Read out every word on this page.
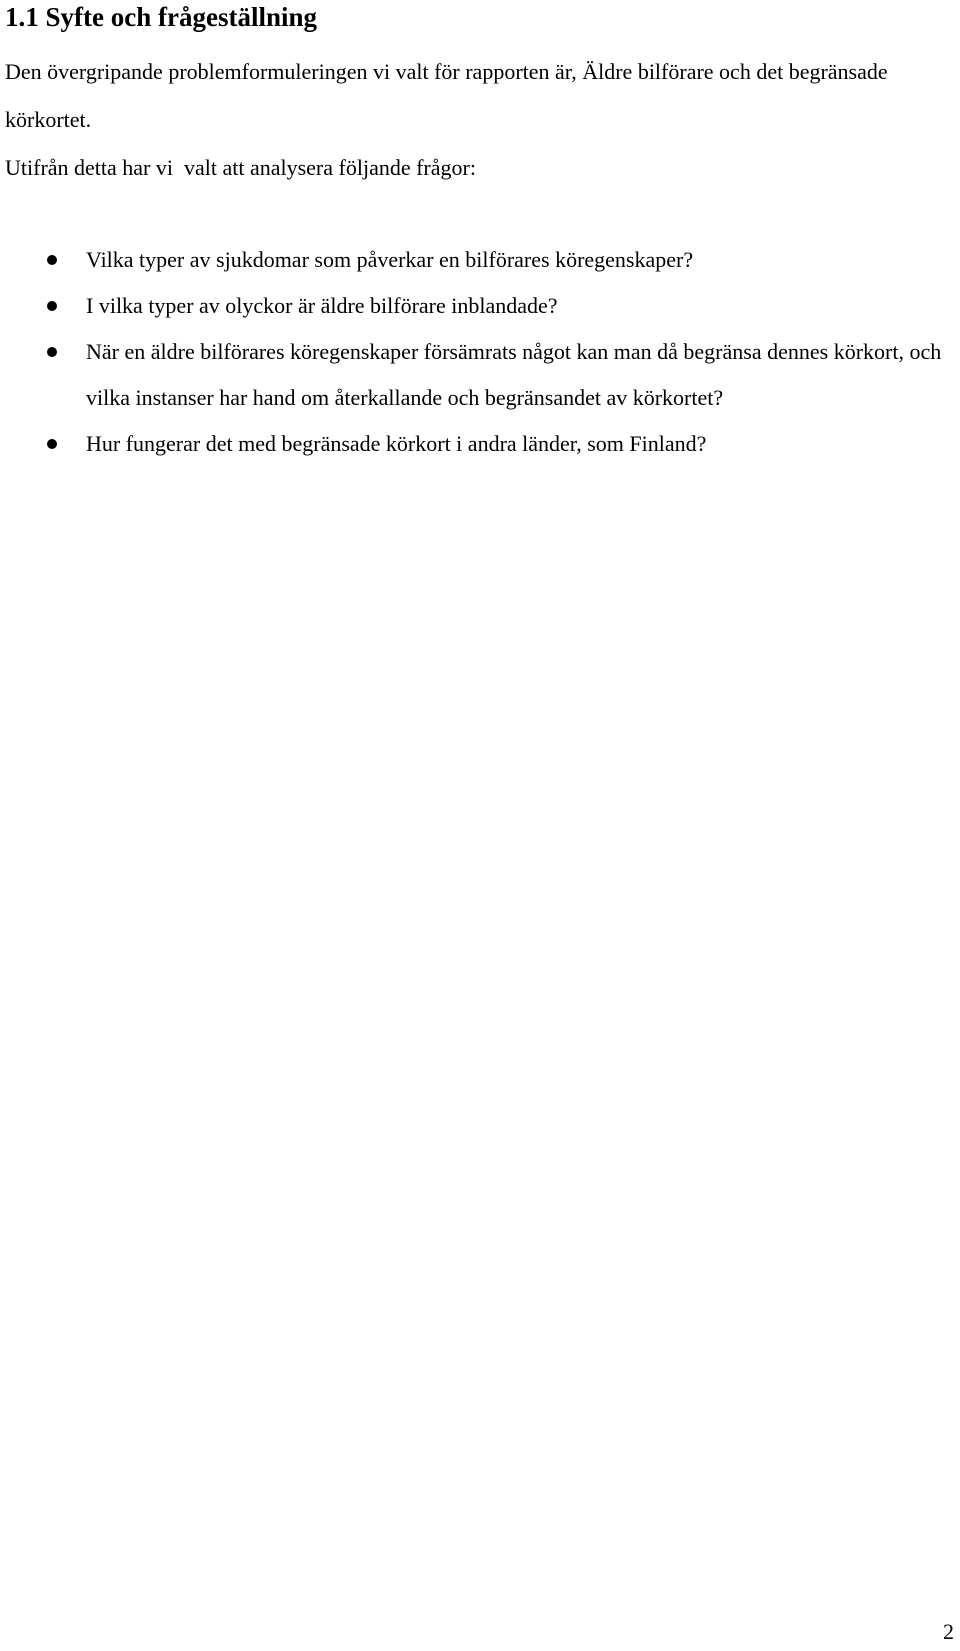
1.1 Syfte och frågeställning

Den övergripande problemformuleringen vi valt för rapporten är, Äldre bilförare och det begränsade körkortet.

Utifrån detta har vi  valt att analysera följande frågor:

Vilka typer av sjukdomar som påverkar en bilförares köregenskaper?
I vilka typer av olyckor är äldre bilförare inblandade?
När en äldre bilförares köregenskaper försämrats något kan man då begränsa dennes körkort, och vilka instanser har hand om återkallande och begränsandet av körkortet?
Hur fungerar det med begränsade körkort i andra länder, som Finland?
2
